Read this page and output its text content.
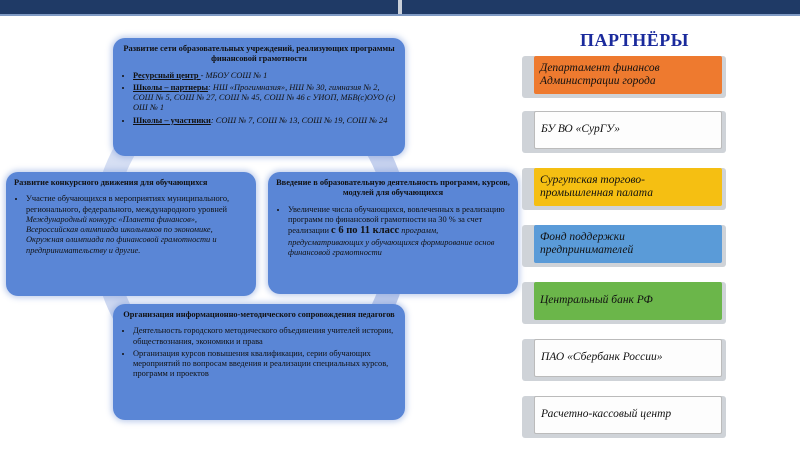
Развитие сети образовательных учреждений, реализующих программы финансовой грамотности
• Ресурсный центр - МБОУ СОШ № 1
• Школы – партнеры: НШ «Прогимназия», НШ № 30, гимназия № 2, СОШ № 5, СОШ № 27, СОШ № 45, СОШ № 46 с УИОП, МБВ(с)ОУО (с) ОШ № 1
• Школы – участники: СОШ № 7, СОШ № 13, СОШ № 19, СОШ № 24
Развитие конкурсного движения для обучающихся
• Участие обучающихся в мероприятиях муниципального, регионального, федерального, международного уровней Международный конкурс «Планета финансов», Всероссийская олимпиада школьников по экономике, Окружная олимпиада по финансовой грамотности и предпринимательству и другие.
Введение в образовательную деятельность программ, курсов, модулей для обучающихся
• Увеличение числа обучающихся, вовлеченных в реализацию программ по финансовой грамотности на 30 % за счет реализации с 6 по 11 класс программ, предусматривающих у обучающихся формирование основ финансовой грамотности
Организация информационно-методического сопровождения педагогов
• Деятельность городского методического объединения учителей истории, обществознания, экономики и права
• Организация курсов повышения квалификации, серии обучающих мероприятий по вопросам введения и реализации специальных курсов, программ и проектов
ПАРТНЁРЫ
Департамент финансов Администрации города
БУ ВО «СурГУ»
Сургутская торгово-промышленная палата
Фонд поддержки предпринимателей
Центральный банк РФ
ПАО «Сбербанк России»
Расчетно-кассовый центр
